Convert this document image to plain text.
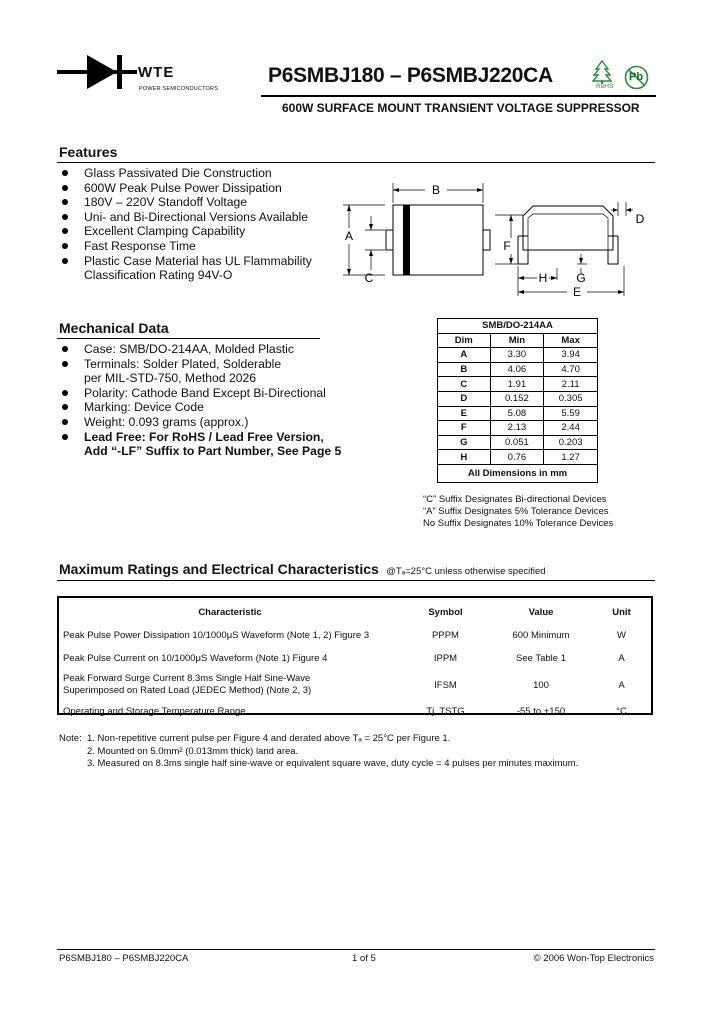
WTE
POWER SEMICONDUCTORS
P6SMBJ180 – P6SMBJ220CA	RoHS
Pb
600W SURFACE MOUNT TRANSIENT VOLTAGE SUPPRESSOR
Features
Glass Passivated Die Construction
600W Peak Pulse Power Dissipation
180V – 220V Standoff Voltage
Uni- and Bi-Directional Versions Available
Excellent Clamping Capability
Fast Response Time
Plastic Case Material has UL Flammability
Classification Rating 94V-O
B
A
C
D
F
H G
E
Mechanical Data
Case: SMB/DO-214AA, Molded Plastic
Terminals: Solder Plated, Solderable
per MIL-STD-750, Method 2026
Polarity: Cathode Band Except Bi-Directional
Marking: Device Code
Weight: 0.093 grams (approx.)
Lead Free: For RoHS / Lead Free Version,
Add “-LF” Suffix to Part Number, See Page 5
SMB/DO-214AA		
Dim	Min	Max
A	3.30	3.94
B	4.06	4.70
C	1.91	2.11
D	0.152	0.305
E	5.08	5.59
F	2.13	2.44
G	0.051	0.203
H	0.76	1.27
All Dimensions in mm		
“C” Suffix Designates Bi-directional Devices
“A” Suffix Designates 5% Tolerance Devices
No Suffix Designates 10% Tolerance Devices
Maximum Ratings and Electrical Characteristics @Tₐ=25°C unless otherwise specified
Characteristic	Symbol	Value	Unit
Peak Pulse Power Dissipation 10/1000μS Waveform (Note 1, 2) Figure 3	PPPM	600 Minimum	W
Peak Pulse Current on 10/1000μS Waveform (Note 1) Figure 4	IPPM	See Table 1	A

Peak Forward Surge Current 8.3ms Single Half Sine-Wave
Superimposed on Rated Load (JEDEC Method) (Note 2, 3)	IFSM	100	A
Operating and Storage Temperature Range	Tj, TSTG	-55 to +150	°C
Note: 1. Non-repetitive current pulse per Figure 4 and derated above Tₐ = 25°C per Figure 1.
2. Mounted on 5.0mm² (0.013mm thick) land area.
3. Measured on 8.3ms single half sine-wave or equivalent square wave, duty cycle = 4 pulses per minutes maximum.
P6SMBJ180 – P6SMBJ220CA	1 of 5	© 2006 Won-Top Electronics
